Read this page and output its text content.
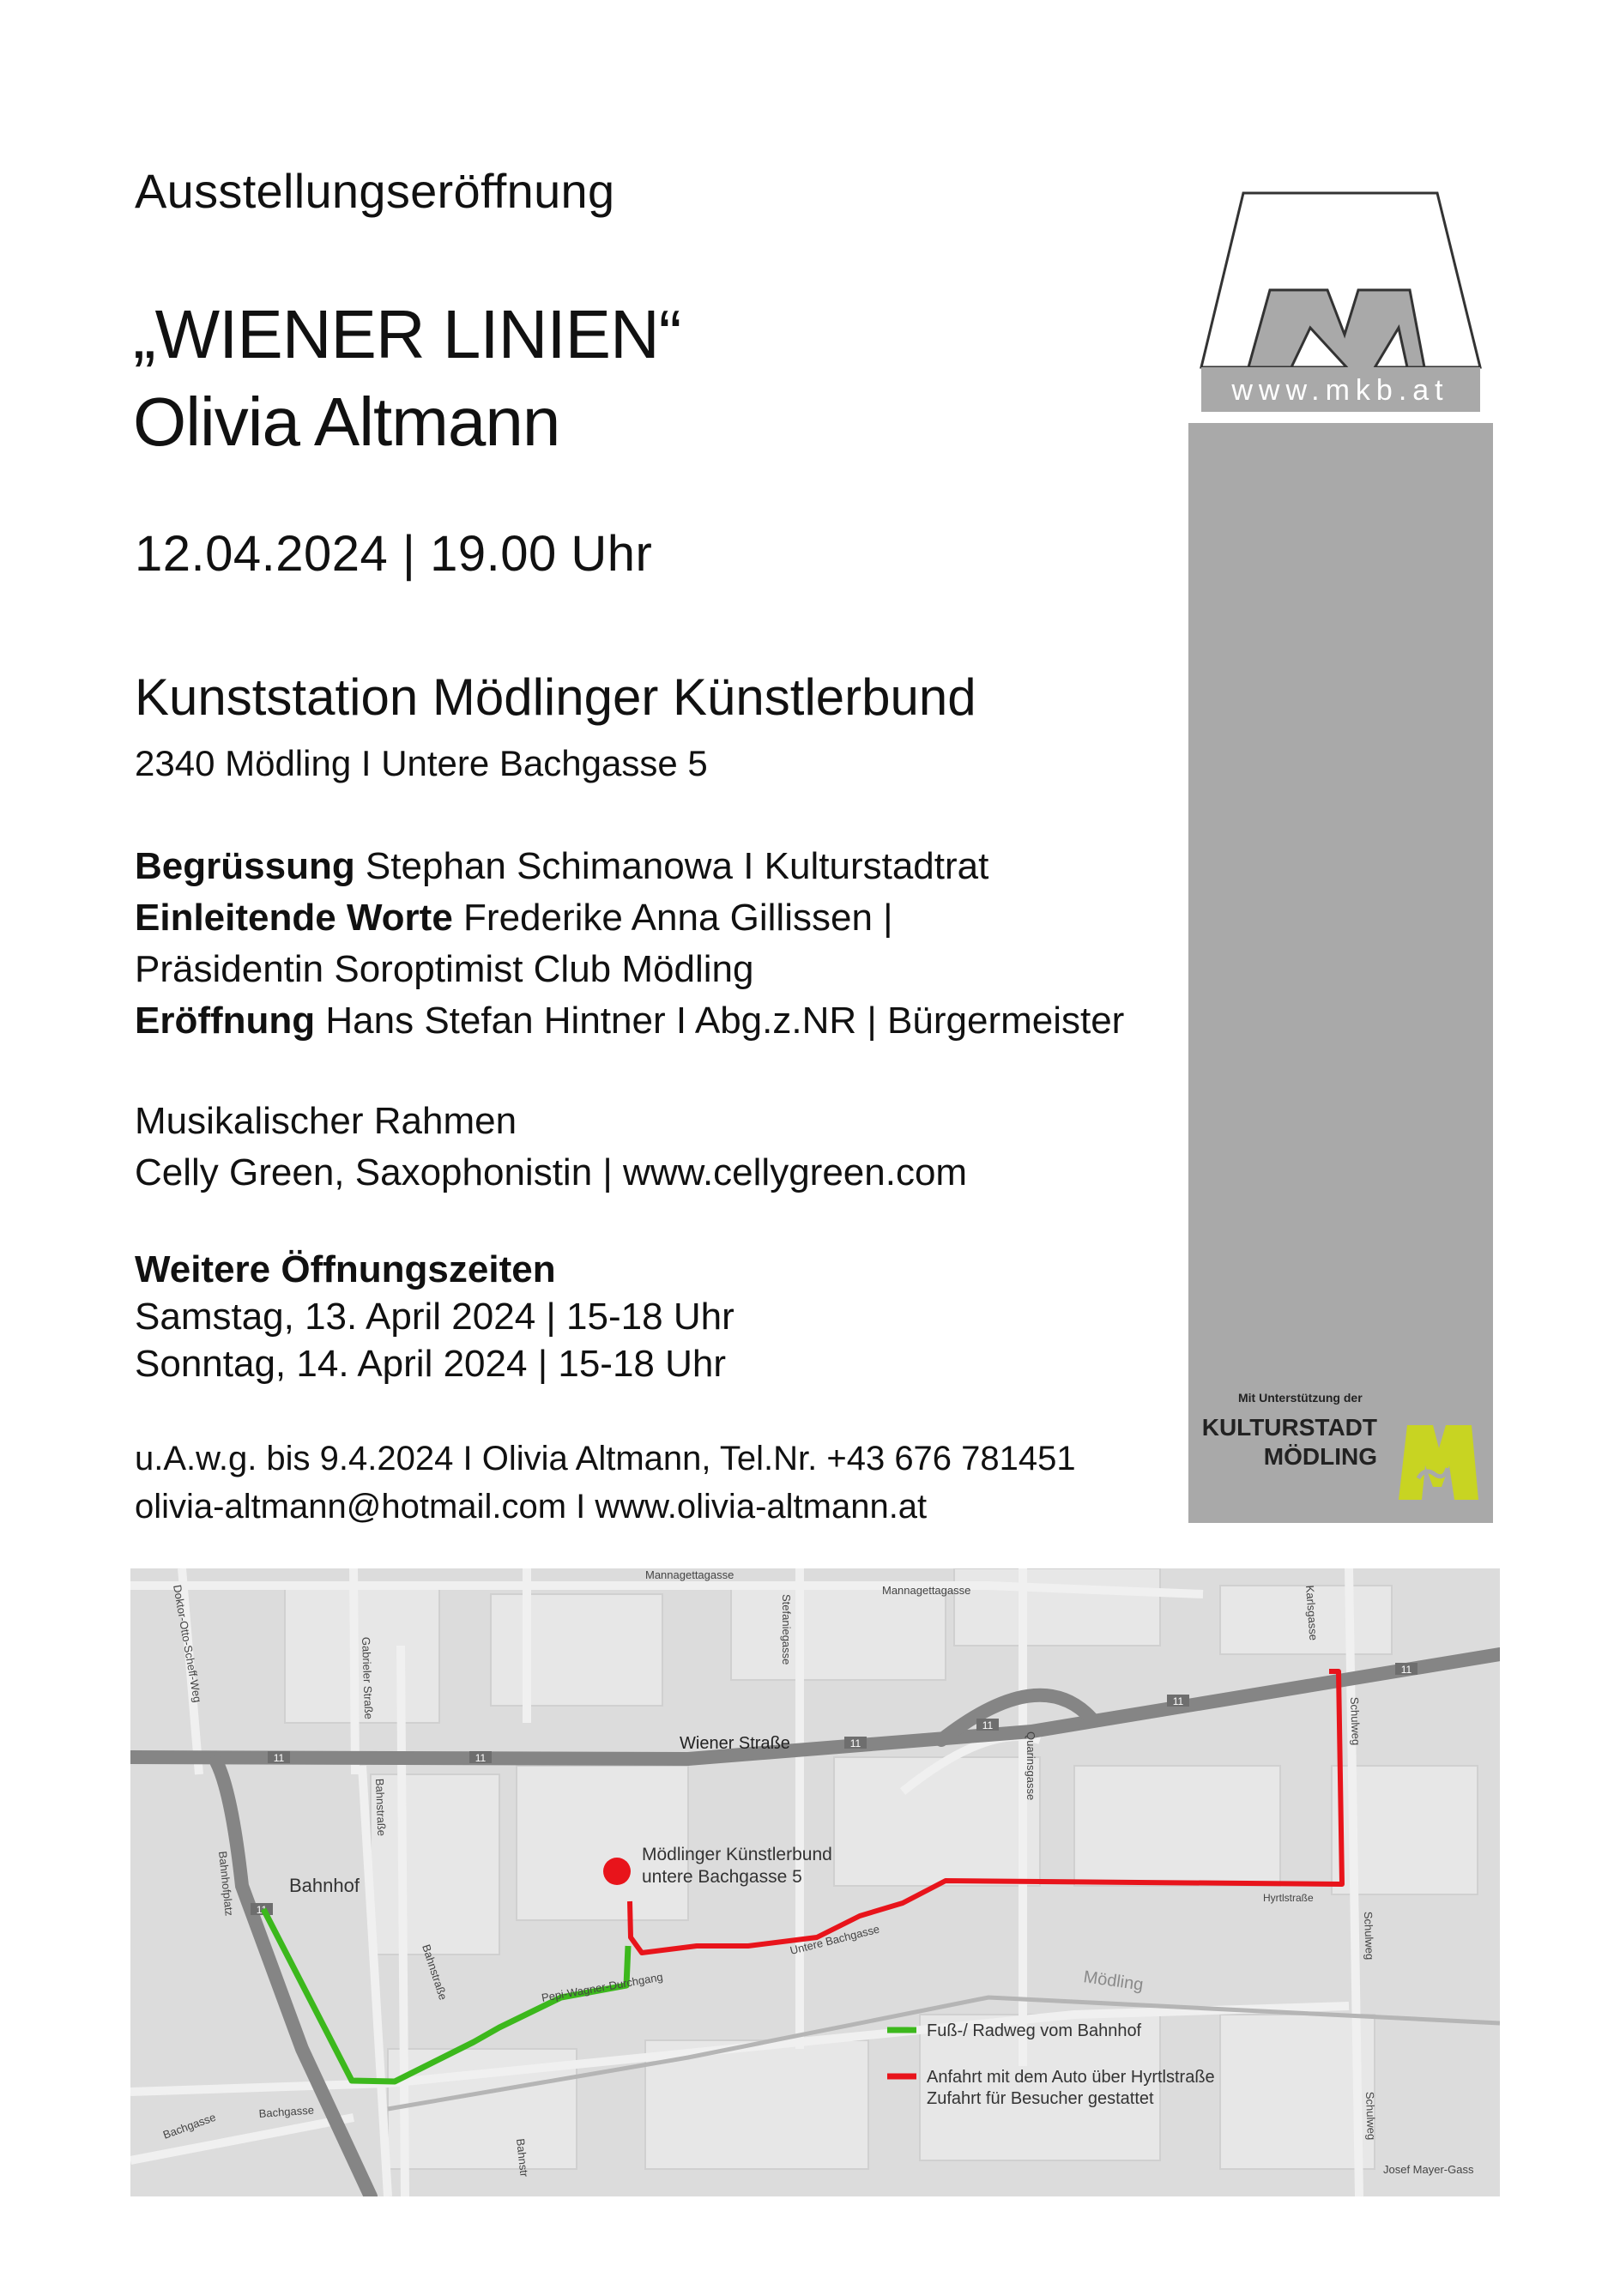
Ausstellungseröffnung
„WIENER LINIEN“
Olivia Altmann
12.04.2024 | 19.00 Uhr
Kunststation Mödlinger Künstlerbund
2340 Mödling I Untere Bachgasse 5
Begrüssung Stephan Schimanowa I Kulturstadtrat
Einleitende Worte Frederike Anna Gillissen |
Präsidentin Soroptimist Club Mödling
Eröffnung Hans Stefan Hintner I Abg.z.NR | Bürgermeister
Musikalischer Rahmen
Celly Green, Saxophonistin | www.cellygreen.com
Weitere Öffnungszeiten
Samstag, 13. April 2024 | 15-18 Uhr
Sonntag, 14. April 2024 | 15-18 Uhr
u.A.w.g. bis 9.4.2024 I Olivia Altmann, Tel.Nr. +43 676 781451
olivia-altmann@hotmail.com I www.olivia-altmann.at
www.mkb.at
Mit Unterstützung der
KULTURSTADT
MÖDLING
11	11
11
11
11
11
11
Mödlinger Künstlerbund
untere Bachgasse 5
Bahnhof
Mannagettagasse
Mannagettagasse
Doktor-Otto-Scheff-Weg	Gabrieler Straße
Stefaniegasse	Karlsgasse
Quarinsgasse
Schulweg
Schulweg
Schulweg
Bahnstraße
Bahnstraße
Bahnstr
Bahnhofplatz	Hyrtlstraße
Untere Bachgasse
Pepi-Wagner-Durchgang	Mödling
Bachgasse	Bachgasse
Josef Mayer-Gass
Wiener Straße
Fuß-/ Radweg vom Bahnhof
Anfahrt mit dem Auto über Hyrtlstraße
Zufahrt für Besucher gestattet
